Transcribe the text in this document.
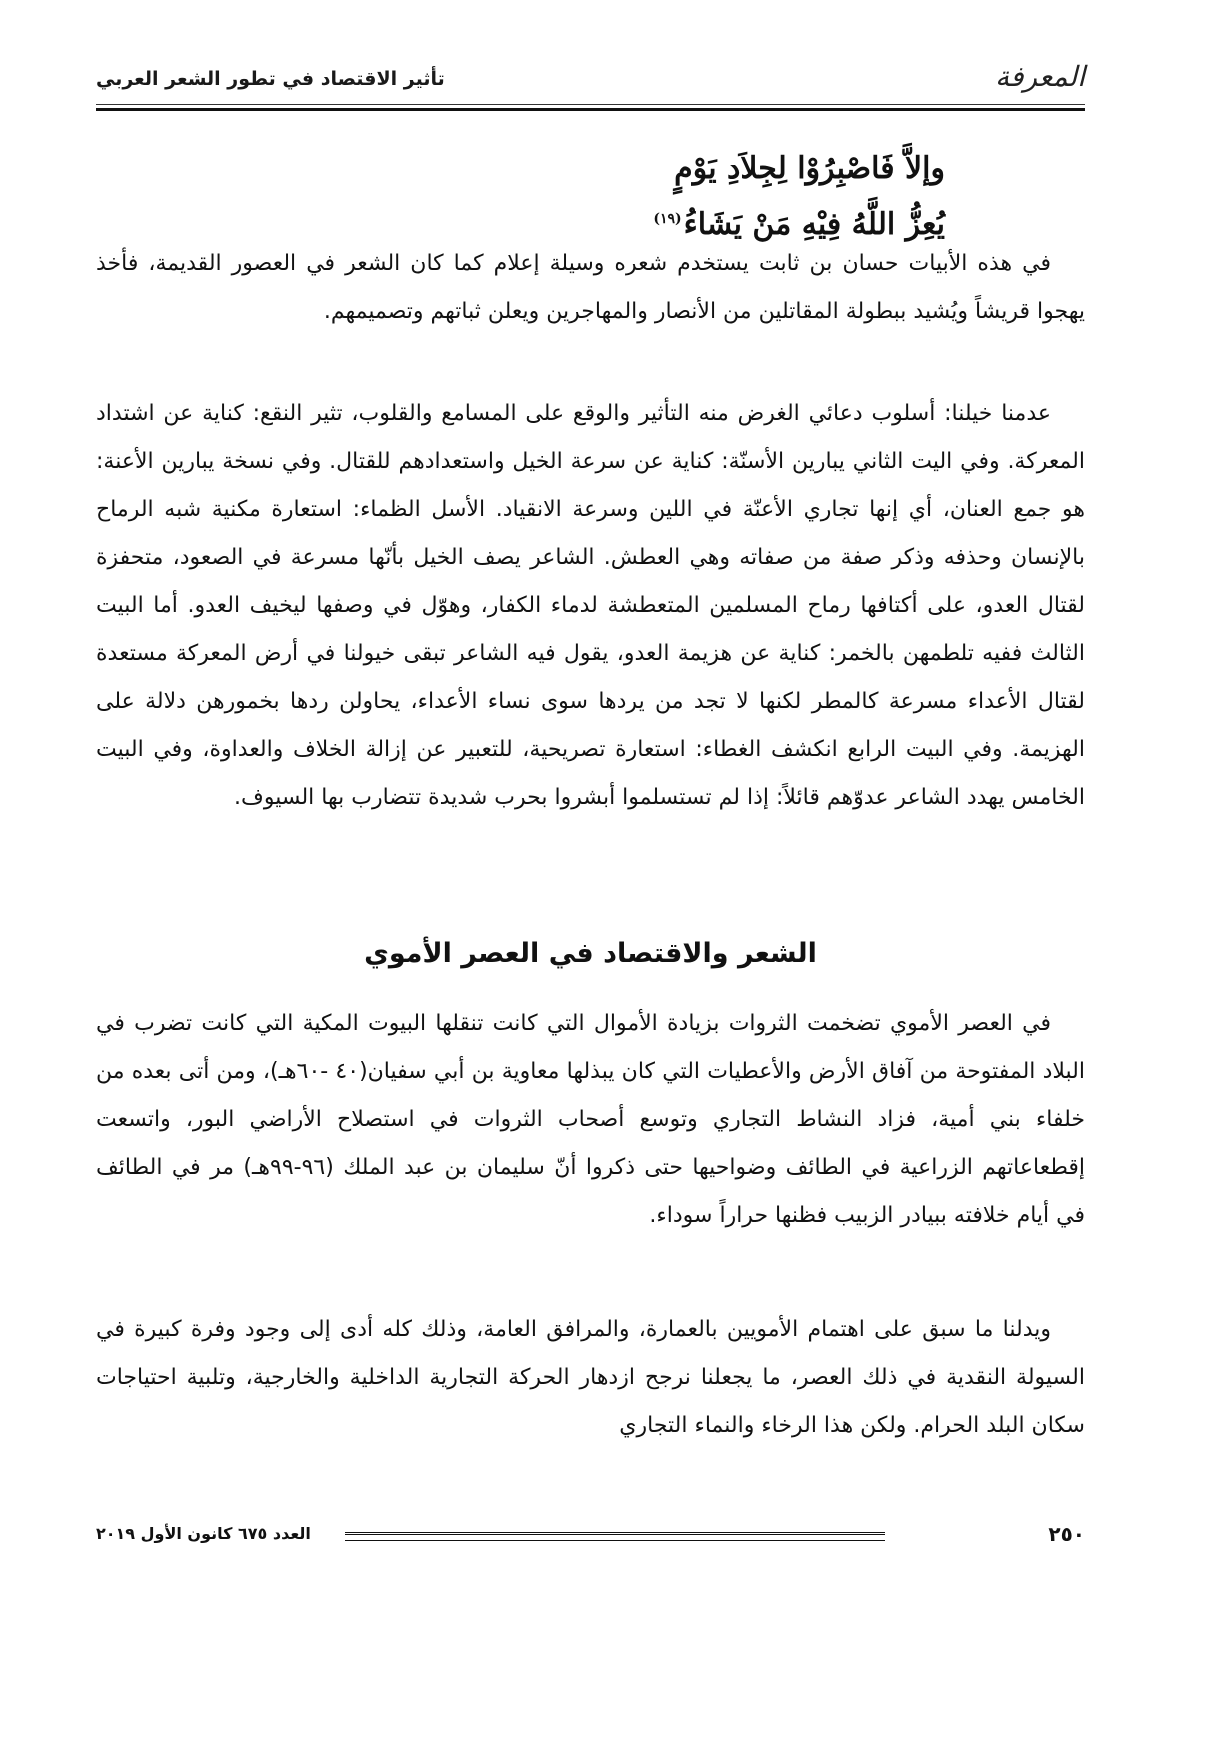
المعرفة
تأثير الاقتصاد في تطور الشعر العربي
وإلاَّ فَاصْبِرُوْا لِجِلاَدِ يَوْمٍ
يُعِزُّ اللَّهُ فِيْهِ مَنْ يَشَاءُ$^{(١٩)}$
في هذه الأبيات حسان بن ثابت يستخدم شعره وسيلة إعلام كما كان الشعر في العصور القديمة، فأخذ يهجوا قريشاً ويُشيد ببطولة المقاتلين من الأنصار والمهاجرين ويعلن ثباتهم وتصميمهم.
عدمنا خيلنا: أسلوب دعائي الغرض منه التأثير والوقع على المسامع والقلوب، تثير النقع: كناية عن اشتداد المعركة. وفي اليت الثاني يبارين الأسنّة: كناية عن سرعة الخيل واستعدادهم للقتال. وفي نسخة يبارين الأعنة: هو جمع العنان، أي إنها تجاري الأعنّة في اللين وسرعة الانقياد. الأسل الظماء: استعارة مكنية شبه الرماح بالإنسان وحذفه وذكر صفة من صفاته وهي العطش. الشاعر يصف الخيل بأنّها مسرعة في الصعود، متحفزة لقتال العدو، على أكتافها رماح المسلمين المتعطشة لدماء الكفار، وهوّل في وصفها ليخيف العدو. أما البيت الثالث ففيه تلطمهن بالخمر: كناية عن هزيمة العدو، يقول فيه الشاعر تبقى خيولنا في أرض المعركة مستعدة لقتال الأعداء مسرعة كالمطر لكنها لا تجد من يردها سوى نساء الأعداء، يحاولن ردها بخمورهن دلالة على الهزيمة. وفي البيت الرابع انكشف الغطاء: استعارة تصريحية، للتعبير عن إزالة الخلاف والعداوة، وفي البيت الخامس يهدد الشاعر عدوّهم قائلاً: إذا لم تستسلموا أبشروا بحرب شديدة تتضارب بها السيوف.
الشعر والاقتصاد في العصر الأموي
في العصر الأموي تضخمت الثروات بزيادة الأموال التي كانت تنقلها البيوت المكية التي كانت تضرب في البلاد المفتوحة من آفاق الأرض والأعطيات التي كان يبذلها معاوية بن أبي سفيان(٤٠ -٦٠هـ)، ومن أتى بعده من خلفاء بني أمية، فزاد النشاط التجاري وتوسع أصحاب الثروات في استصلاح الأراضي البور، واتسعت إقطعاعاتهم الزراعية في الطائف وضواحيها حتى ذكروا أنّ سليمان بن عبد الملك (٩٦-٩٩هـ) مر في الطائف في أيام خلافته ببيادر الزبيب فظنها حراراً سوداء.
ويدلنا ما سبق على اهتمام الأمويين بالعمارة، والمرافق العامة، وذلك كله أدى إلى وجود وفرة كبيرة في السيولة النقدية في ذلك العصر، ما يجعلنا نرجح ازدهار الحركة التجارية الداخلية والخارجية، وتلبية احتياجات سكان البلد الحرام. ولكن هذا الرخاء والنماء التجاري
٢٥٠
العدد ٦٧٥ كانون الأول ٢٠١٩
